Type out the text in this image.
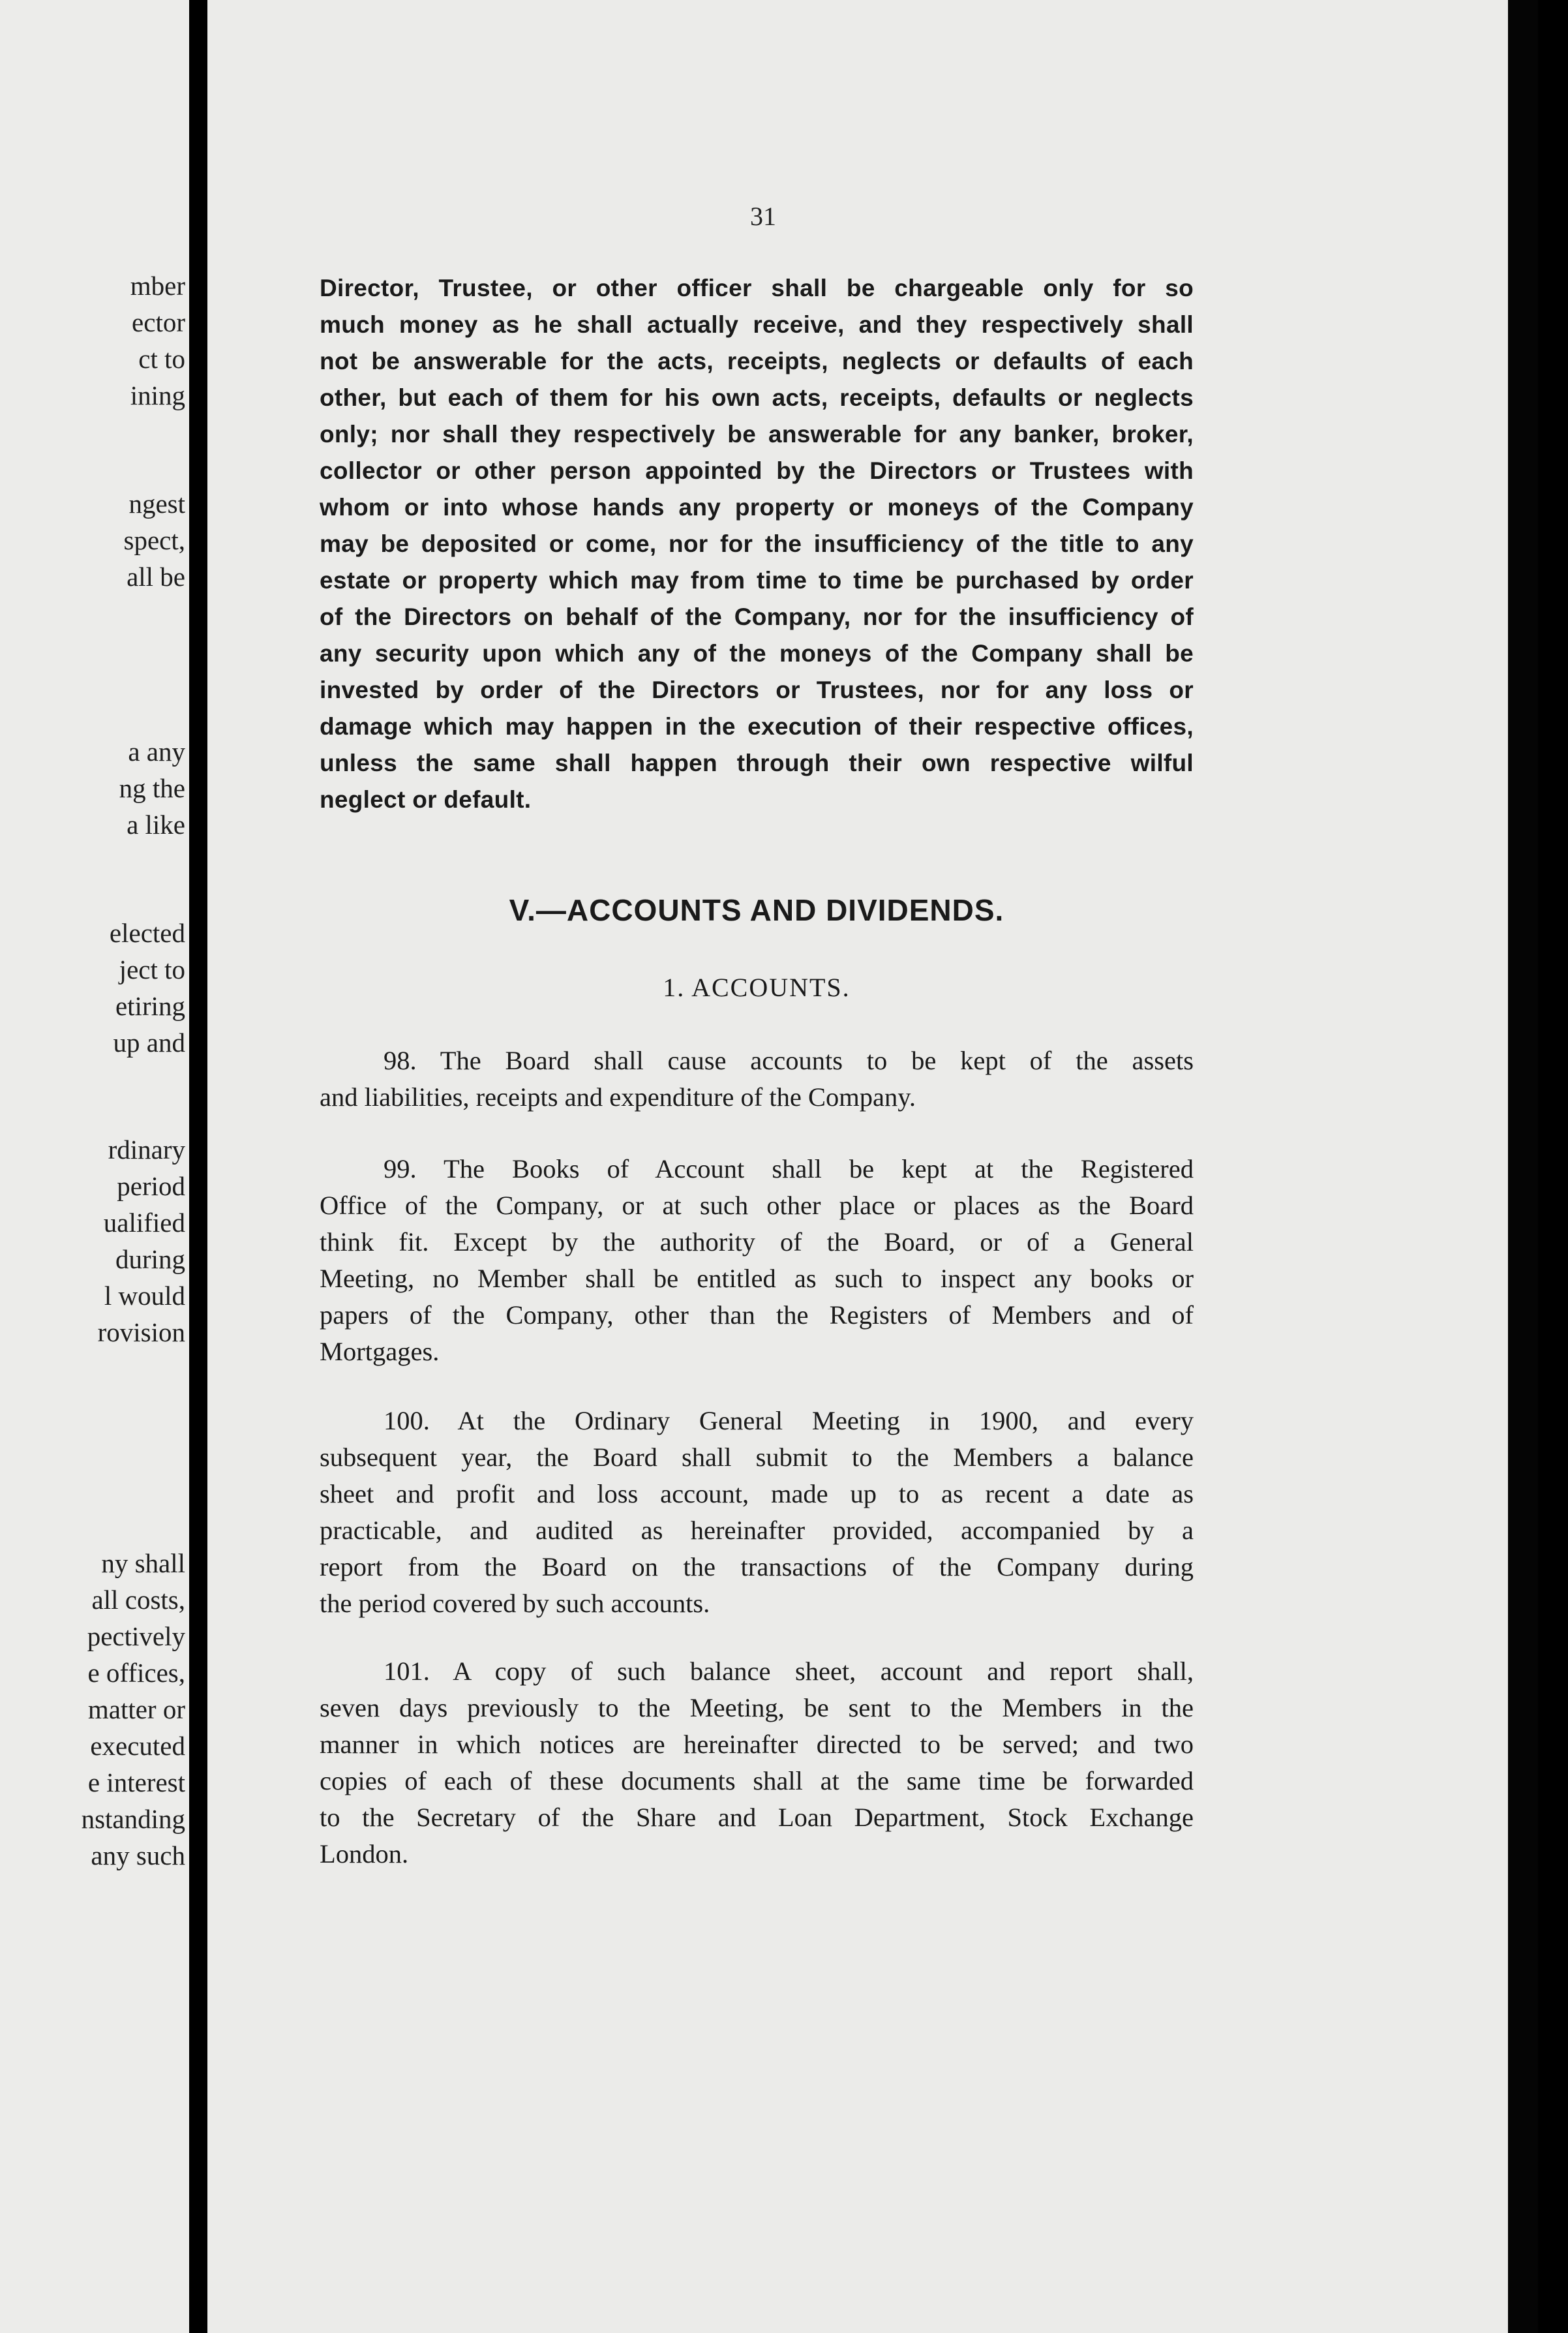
mber
ector
ct to
ining
ngest
spect,
all be
a any
ng the
a like
elected
ject to
etiring
up and
rdinary
period
ualified
during
l would
rovision
ny shall
all costs,
pectively
e offices,
matter or
executed
e interest
nstanding
any such
31
Director, Trustee, or other officer shall be chargeable only for so
much money as he shall actually receive, and they respectively shall
not be answerable for the acts, receipts, neglects or defaults of each
other, but each of them for his own acts, receipts, defaults or neglects
only; nor shall they respectively be answerable for any banker, broker,
collector or other person appointed by the Directors or Trustees with
whom or into whose hands any property or moneys of the Company
may be deposited or come, nor for the insufficiency of the title to any
estate or property which may from time to time be purchased by order
of the Directors on behalf of the Company, nor for the insufficiency of
any security upon which any of the moneys of the Company shall be
invested by order of the Directors or Trustees, nor for any loss or
damage which may happen in the execution of their respective offices,
unless the same shall happen through their own respective wilful
neglect or default.
V.—ACCOUNTS AND DIVIDENDS.
1. ACCOUNTS.
98. The Board shall cause accounts to be kept of the assets
and liabilities, receipts and expenditure of the Company.
99. The Books of Account shall be kept at the Registered
Office of the Company, or at such other place or places as the Board
think fit. Except by the authority of the Board, or of a General
Meeting, no Member shall be entitled as such to inspect any books or
papers of the Company, other than the Registers of Members and of
Mortgages.
100. At the Ordinary General Meeting in 1900, and every
subsequent year, the Board shall submit to the Members a balance
sheet and profit and loss account, made up to as recent a date as
practicable, and audited as hereinafter provided, accompanied by a
report from the Board on the transactions of the Company during
the period covered by such accounts.
101. A copy of such balance sheet, account and report shall,
seven days previously to the Meeting, be sent to the Members in the
manner in which notices are hereinafter directed to be served; and two
copies of each of these documents shall at the same time be forwarded
to the Secretary of the Share and Loan Department, Stock Exchange
London.
